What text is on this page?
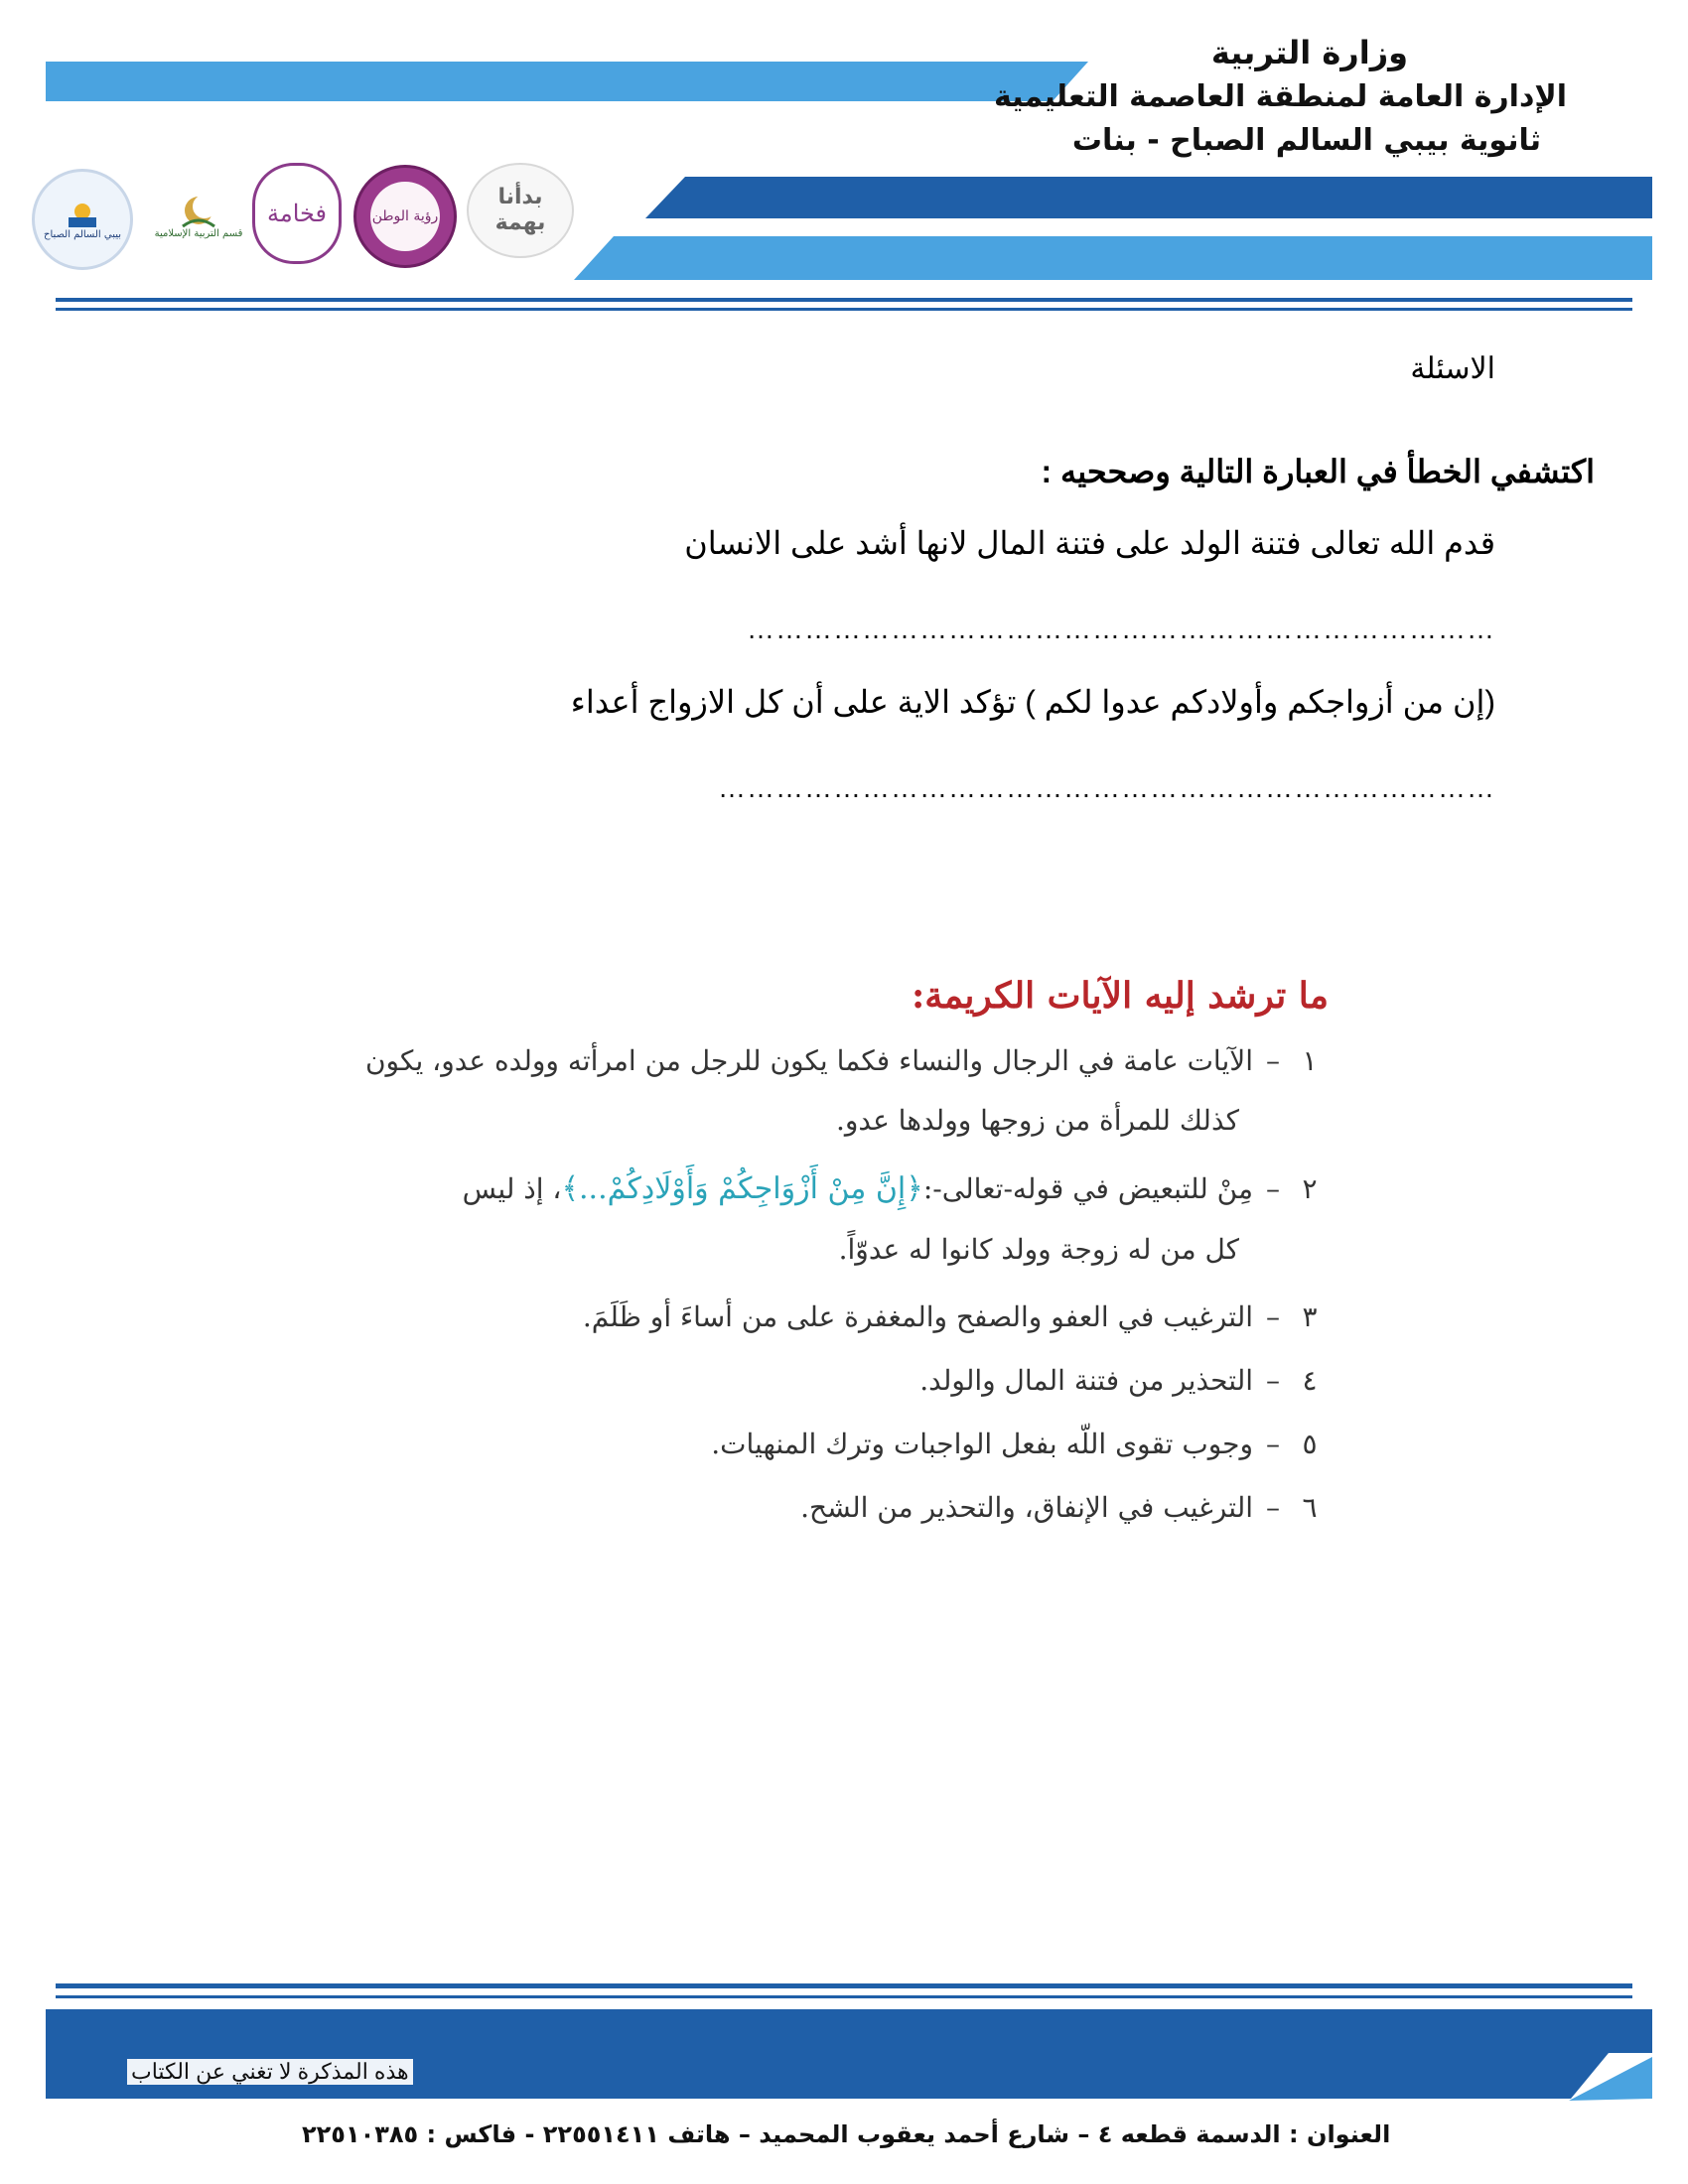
وزارة التربية
الإدارة العامة لمنطقة العاصمة التعليمية
ثانوية بيبي السالم الصباح - بنات
بدأنا بهمة
رؤية الوطن
فخامة
قسم التربية الإسلامية
بيبي السالم الصباح
الاسئلة
اكتشفي الخطأ في العبارة التالية وصححيه :
قدم الله تعالى فتنة الولد على فتنة المال لانها أشد على الانسان
……………………………………………………………………
(إن من أزواجكم وأولادكم عدوا لكم ) تؤكد الاية على أن كل الازواج أعداء
………………………………………………………………………
ما ترشد إليه الآيات الكريمة:
١–الآيات عامة في الرجال والنساء فكما يكون للرجل من امرأته وولده عدو، يكون
كذلك للمرأة من زوجها وولدها عدو.
٢–مِنْ للتبعيض في قوله-تعالى-:﴿إِنَّ مِنْ أَزْوَاجِكُمْ وَأَوْلَادِكُمْ...﴾، إذ ليس
كل من له زوجة وولد كانوا له عدوّاً.
٣–الترغيب في العفو والصفح والمغفرة على من أساءَ أو ظَلَمَ.
٤–التحذير من فتنة المال والولد.
٥–وجوب تقوى اللّه بفعل الواجبات وترك المنهيات.
٦–الترغيب في الإنفاق، والتحذير من الشح.
هذه المذكرة لا تغني عن الكتاب
العنوان : الدسمة قطعه ٤ – شارع أحمد يعقوب المحميد – هاتف ٢٢٥٥١٤١١ - فاكس : ٢٢٥١٠٣٨٥
